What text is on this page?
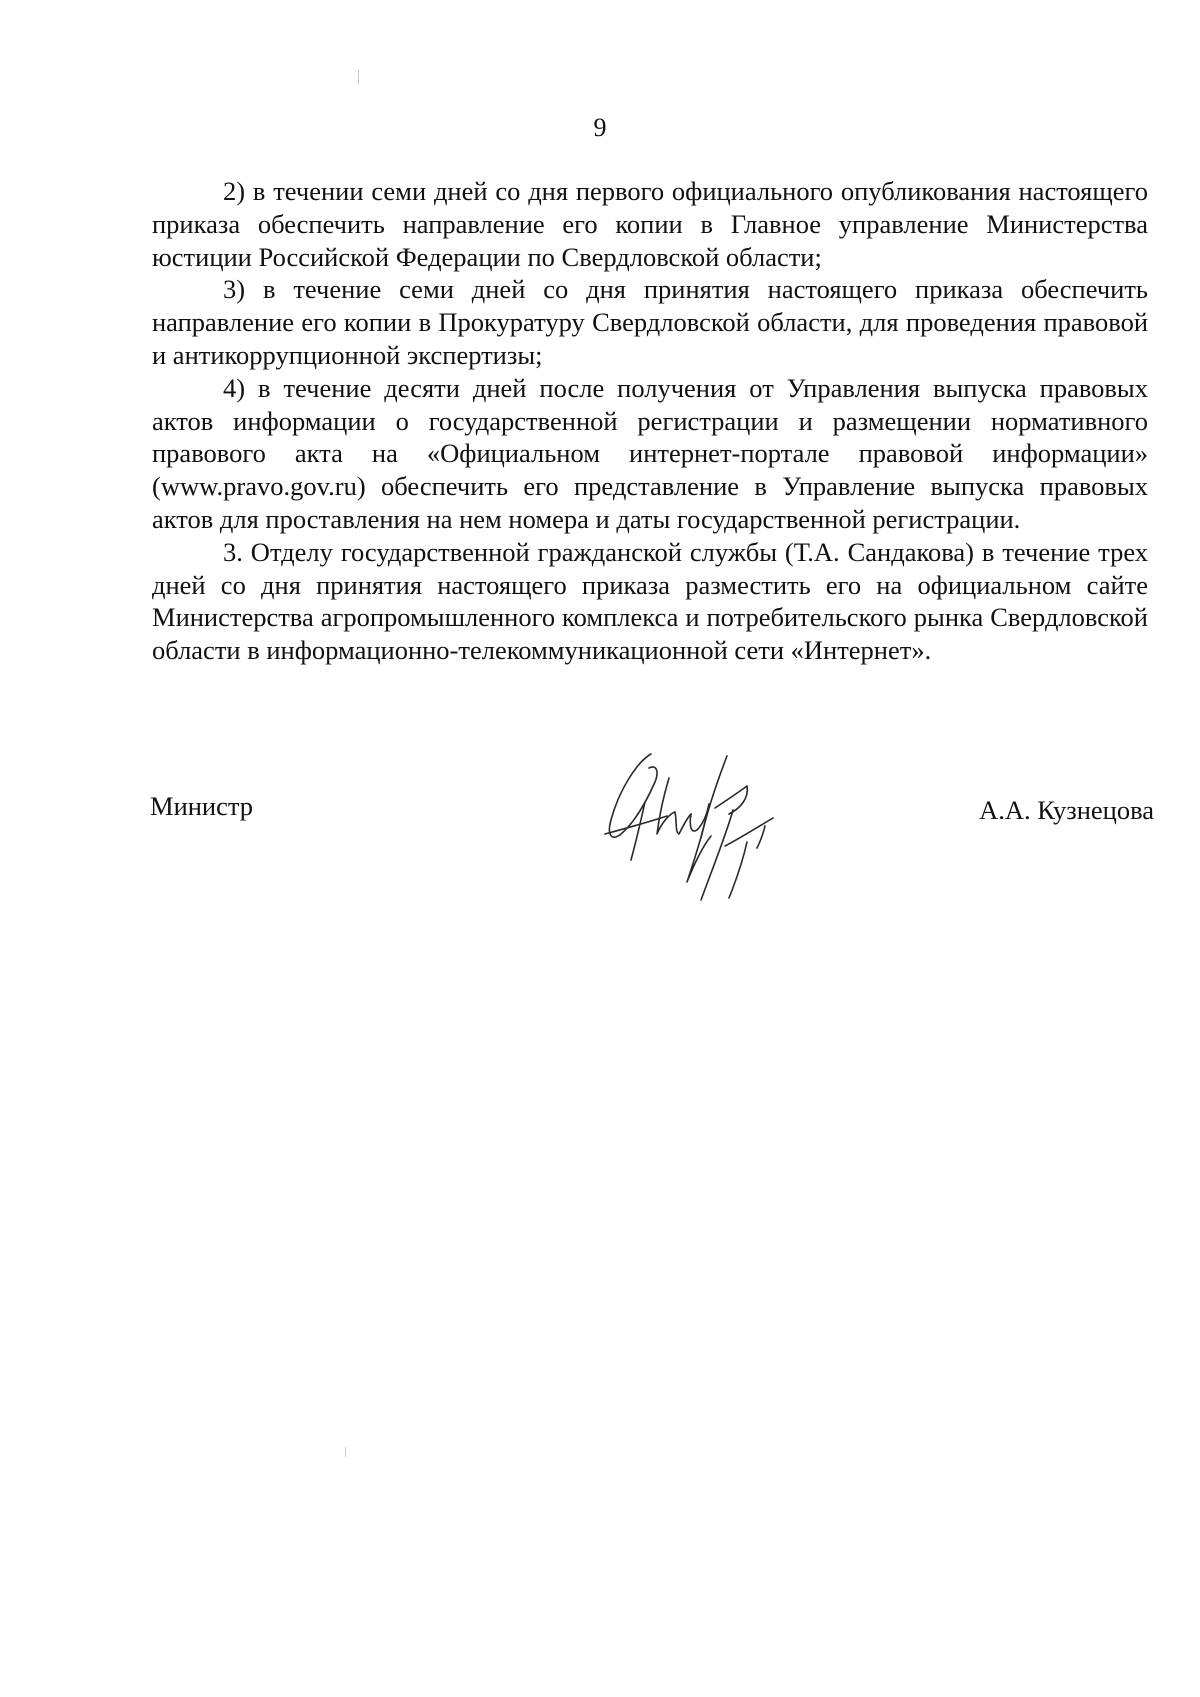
9

2) в течении семи дней со дня первого официального опубликования настоящего приказа обеспечить направление его копии в Главное управление Министерства юстиции Российской Федерации по Свердловской области;

3) в течение семи дней со дня принятия настоящего приказа обеспечить направление его копии в Прокуратуру Свердловской области, для проведения правовой и антикоррупционной экспертизы;

4) в течение десяти дней после получения от Управления выпуска правовых актов информации о государственной регистрации и размещении нормативного правового акта на «Официальном интернет-портале правовой информации» (www.pravo.gov.ru) обеспечить его представление в Управление выпуска правовых актов для проставления на нем номера и даты государственной регистрации.

3. Отделу государственной гражданской службы (Т.А. Сандакова) в течение трех дней со дня принятия настоящего приказа разместить его на официальном сайте Министерства агропромышленного комплекса и потребительского рынка Свердловской области в информационно-телекоммуникационной сети «Интернет».

Министр	А.А. Кузнецова
